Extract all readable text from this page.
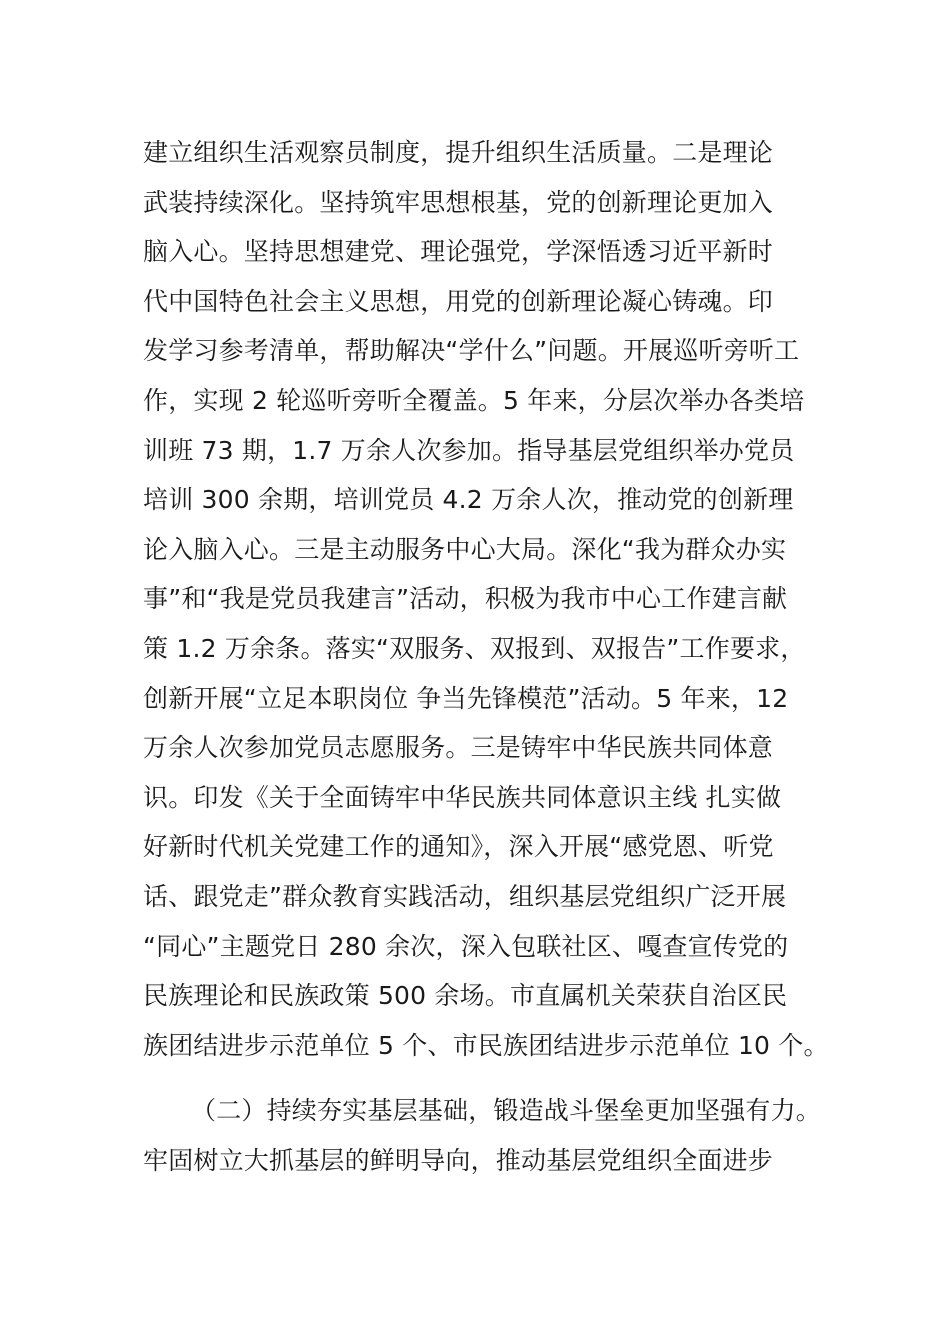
建立组织生活观察员制度，提升组织生活质量。二是理论
武装持续深化。坚持筑牢思想根基，党的创新理论更加入
脑入心。坚持思想建党、理论强党，学深悟透习近平新时
代中国特色社会主义思想，用党的创新理论凝心铸魂。印
发学习参考清单，帮助解决“学什么”问题。开展巡听旁听工
作，实现 2 轮巡听旁听全覆盖。5 年来，分层次举办各类培
训班 73 期，1.7 万余人次参加。指导基层党组织举办党员
培训 300 余期，培训党员 4.2 万余人次，推动党的创新理
论入脑入心。三是主动服务中心大局。深化“我为群众办实
事”和“我是党员我建言”活动，积极为我市中心工作建言献
策 1.2 万余条。落实“双服务、双报到、双报告”工作要求，
创新开展“立足本职岗位 争当先锋模范”活动。5 年来，12
万余人次参加党员志愿服务。三是铸牢中华民族共同体意
识。印发《关于全面铸牢中华民族共同体意识主线 扎实做
好新时代机关党建工作的通知》，深入开展“感党恩、听党
话、跟党走”群众教育实践活动，组织基层党组织广泛开展
“同心”主题党日 280 余次，深入包联社区、嘎查宣传党的
民族理论和民族政策 500 余场。市直属机关荣获自治区民
族团结进步示范单位 5 个、市民族团结进步示范单位 10 个。
（二）持续夯实基层基础，锻造战斗堡垒更加坚强有力。
牢固树立大抓基层的鲜明导向，推动基层党组织全面进步
